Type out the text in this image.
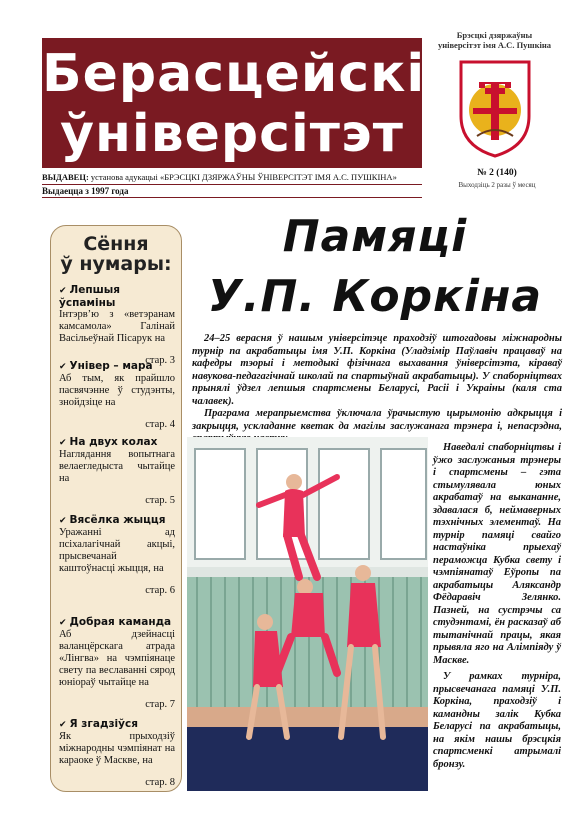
Берасцейскі
ўніверсітэт
ВЫДАВЕЦ: установа адукацыі «БРЭСЦКІ ДЗЯРЖАЎНЫ ЎНІВЕРСІТЭТ ІМЯ А.С. ПУШКІНА»
Выдаецца з 1997 года
Брэсцкі дзяржаўны
універсітэт імя А.С. Пушкіна
№ 2 (140)
Выходзіць 2 разы ў месяц
Сёння
ў нумары:
✔ Лепшыя ўспаміны
Інтэрв’ю з «ветэранам камсамола» Галінай Васільеўнай Пісарук на
стар. 3
✔ Універ – мара
Аб тым, як прайшло пасвячэнне ў студэнты, знойдзіце на
стар. 4
✔ На двух колах
Наглядання вопытнага велаегледыста чытайце на
стар. 5
✔ Вясёлка жыцця
Уражанні ад псіхалагічнай акцыі, прысвечанай каштоўнасці жыцця, на
стар. 6
✔ Добрая каманда
Аб дзейнасці валанцёрскага атрада «Лінгва» на чэмпіянаце свету па веславанні сярод юніораў чытайце на
стар. 7
✔ Я згадзіўся
Як прыходзіў міжнародны чэмпіянат на караоке ў Маскве, на
стар. 8
Памяці
У.П. Коркіна

24–25 верасня ў нашым універсітэце праходзіў штогадовы міжнародны турнір па акрабатыцы імя У.П. Коркіна (Уладзімір Паўлавіч працаваў на кафедры тэорыі і методыкі фізічнага выхавання ўніверсітэта, кіраваў навукова-педагагічнай школай па спартыўнай акрабатыцы). У спаборніцтвах прынялі ўдзел лепшыя спартсмены Беларусі, Расіі і Украіны (каля ста чалавек).

Праграма мерапрыемства ўключала ўрачыстую цырымонію адкрыцця і закрыцця, ускладанне кветак да магілы заслужанага трэнера і, непасрэдна,

Наведалі спаборніцтвы і ўжо заслужаныя трэнеры і спартсмены – гэта стымулявала юных акрабатаў на выкананне, здавалася б, неймаверных тэхнічных элементаў. На турнір памяці свайго настаўніка прыехаў пераможца Кубка свету і чэмпіянатаў Еўропы па акрабатыцы Аляксандр Фёдаравіч Зелянко. Пазней, на сустрэчы са студэнтамі, ён расказаў аб тытанічнай працы, якая прывяла яго на Алімпіяду ў Маскве.

У рамках турніра, прысвечанага памяці У.П. Коркіна, праходзіў і камандны залік Кубка Беларусі па акрабатыцы, на якім нашы брэсцкія спартсменкі атрымалі бронзу.
